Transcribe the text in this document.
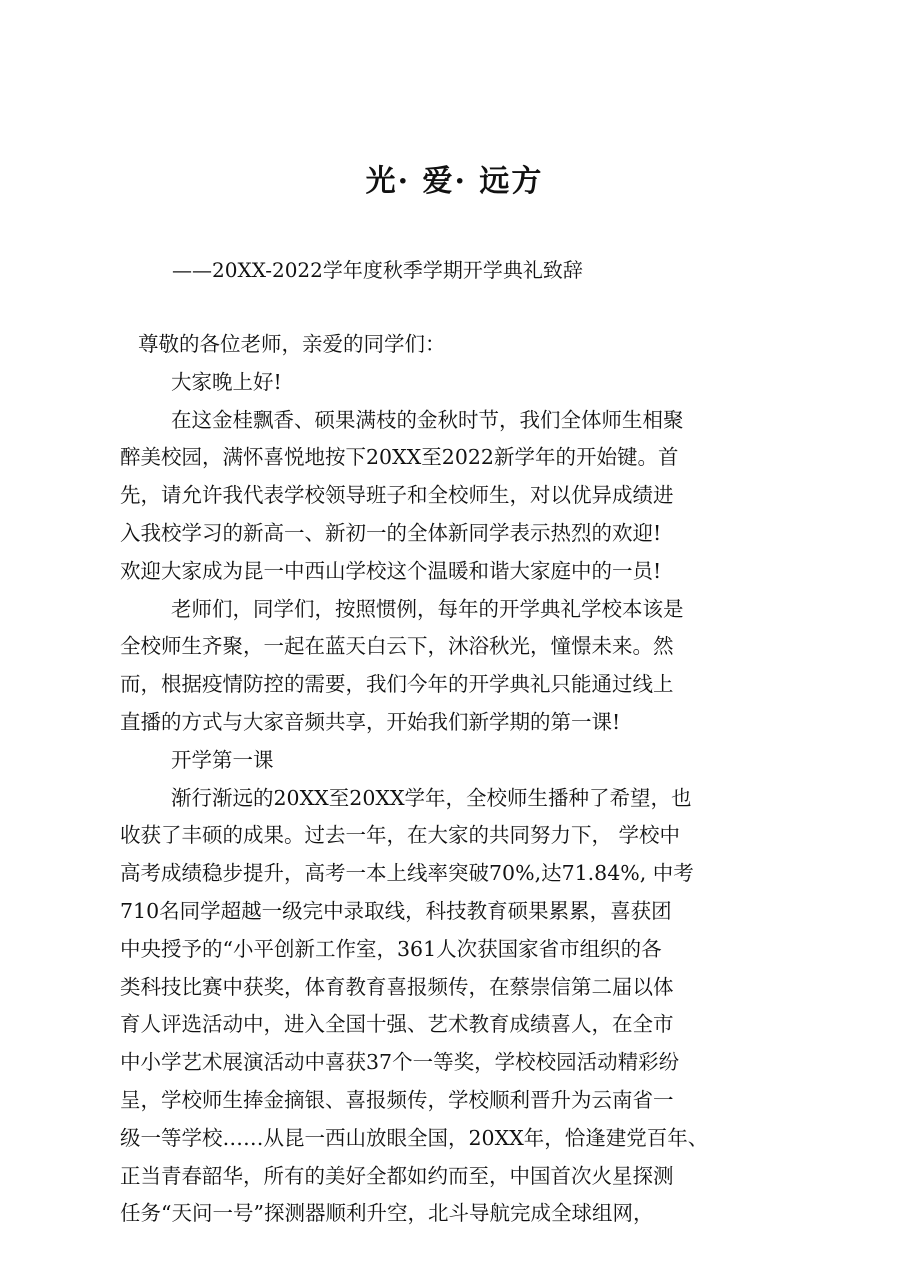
光· 爱· 远方
——20XX-2022学年度秋季学期开学典礼致辞

尊敬的各位老师，亲爱的同学们：

大家晚上好!

在这金桂飘香、硕果满枝的金秋时节，我们全体师生相聚
醉美校园，满怀喜悦地按下20XX至2022新学年的开始键。首
先，请允许我代表学校领导班子和全校师生，对以优异成绩进
入我校学习的新高一、新初一的全体新同学表示热烈的欢迎!
欢迎大家成为昆一中西山学校这个温暖和谐大家庭中的一员!

老师们，同学们，按照惯例，每年的开学典礼学校本该是
全校师生齐聚，一起在蓝天白云下，沐浴秋光，憧憬未来。然
而，根据疫情防控的需要，我们今年的开学典礼只能通过线上
直播的方式与大家音频共享，开始我们新学期的第一课!

开学第一课

渐行渐远的20XX至20XX学年，全校师生播种了希望，也
收获了丰硕的成果。过去一年，在大家的共同努力下， 学校中
高考成绩稳步提升，高考一本上线率突破70%,达71.84%, 中考
710名同学超越一级完中录取线，科技教育硕果累累，喜获团
中央授予的“小平创新工作室，361人次获国家省市组织的各
类科技比赛中获奖，体育教育喜报频传，在蔡崇信第二届以体
育人评选活动中，进入全国十强、艺术教育成绩喜人，在全市
中小学艺术展演活动中喜获37个一等奖，学校校园活动精彩纷
呈，学校师生捧金摘银、喜报频传，学校顺利晋升为云南省一
级一等学校……从昆一西山放眼全国，20XX年，恰逢建党百年、
正当青春韶华，所有的美好全都如约而至，中国首次火星探测
任务“天问一号”探测器顺利升空，北斗导航完成全球组网，
